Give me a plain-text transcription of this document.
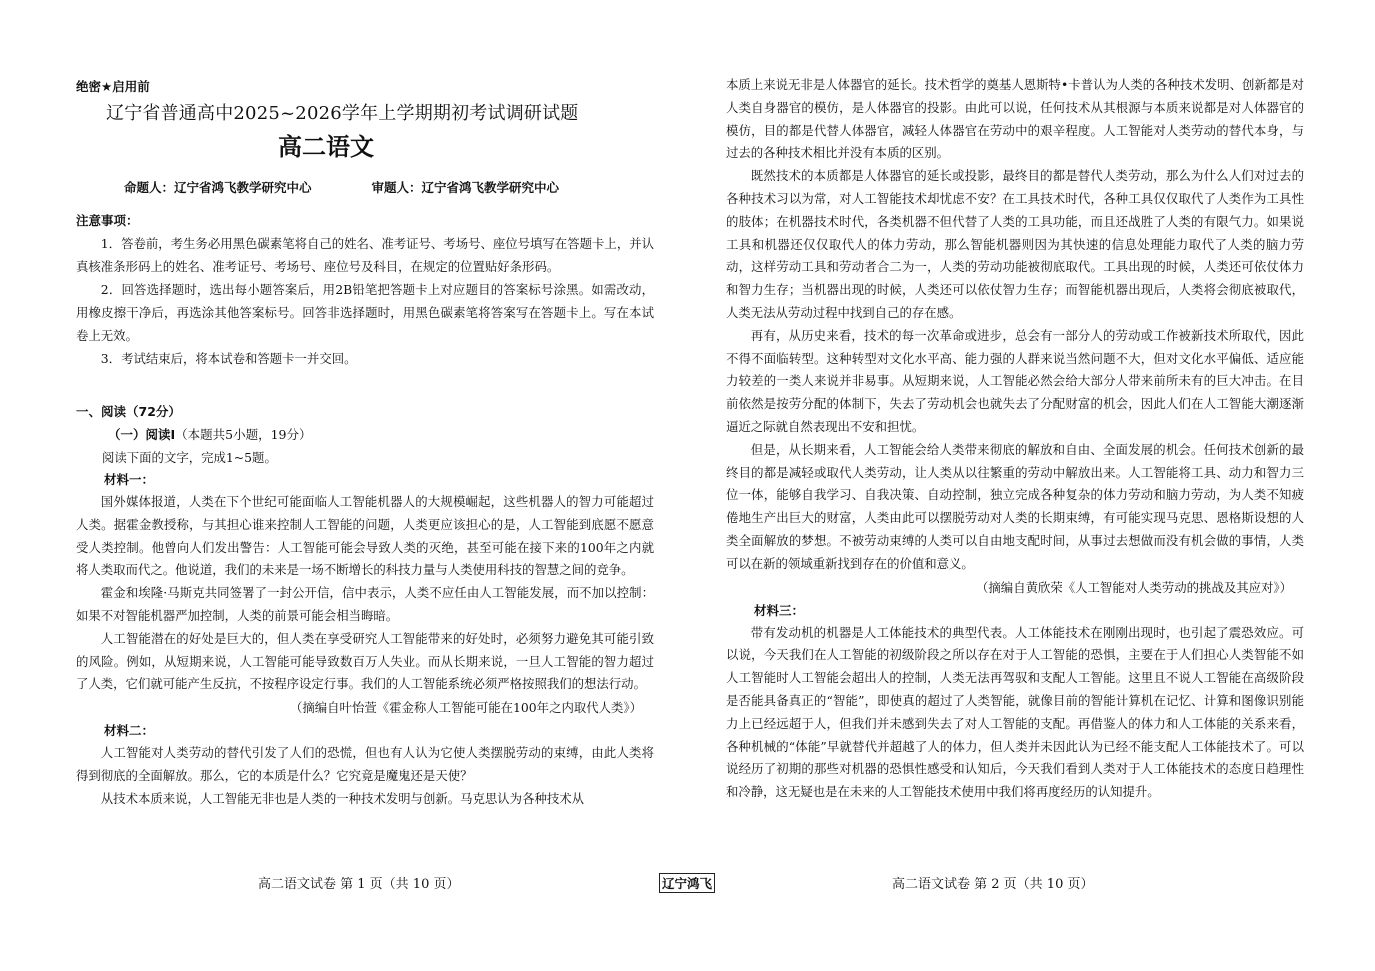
绝密★启用前
辽宁省普通高中2025~2026学年上学期期初考试调研试题
高二语文
命题人：辽宁省鸿飞教学研究中心	审题人：辽宁省鸿飞教学研究中心
注意事项：

1．答卷前，考生务必用黑色碳素笔将自己的姓名、准考证号、考场号、座位号填写在答题卡上，并认真核准条形码上的姓名、准考证号、考场号、座位号及科目，在规定的位置贴好条形码。

2．回答选择题时，选出每小题答案后，用2B铅笔把答题卡上对应题目的答案标号涂黑。如需改动，用橡皮擦干净后，再选涂其他答案标号。回答非选择题时，用黑色碳素笔将答案写在答题卡上。写在本试卷上无效。

3．考试结束后，将本试卷和答题卡一并交回。

一、阅读（72分）
（一）阅读Ⅰ（本题共5小题，19分）
阅读下面的文字，完成1~5题。
材料一：

国外媒体报道，人类在下个世纪可能面临人工智能机器人的大规模崛起，这些机器人的智力可能超过人类。据霍金教授称，与其担心谁来控制人工智能的问题，人类更应该担心的是，人工智能到底愿不愿意受人类控制。他曾向人们发出警告：人工智能可能会导致人类的灭绝，甚至可能在接下来的100年之内就将人类取而代之。他说道，我们的未来是一场不断增长的科技力量与人类使用科技的智慧之间的竞争。

霍金和埃隆·马斯克共同签署了一封公开信，信中表示，人类不应任由人工智能发展，而不加以控制：如果不对智能机器严加控制，人类的前景可能会相当晦暗。

人工智能潜在的好处是巨大的，但人类在享受研究人工智能带来的好处时，必须努力避免其可能引致的风险。例如，从短期来说，人工智能可能导致数百万人失业。而从长期来说，一旦人工智能的智力超过了人类，它们就可能产生反抗，不按程序设定行事。我们的人工智能系统必须严格按照我们的想法行动。

（摘编自叶怡萱《霍金称人工智能可能在100年之内取代人类》）

材料二：

人工智能对人类劳动的替代引发了人们的恐慌，但也有人认为它使人类摆脱劳动的束缚，由此人类将得到彻底的全面解放。那么，它的本质是什么？它究竟是魔鬼还是天使？

从技术本质来说，人工智能无非也是人类的一种技术发明与创新。马克思认为各种技术从

本质上来说无非是人体器官的延长。技术哲学的奠基人恩斯特•卡普认为人类的各种技术发明、创新都是对人类自身器官的模仿，是人体器官的投影。由此可以说，任何技术从其根源与本质来说都是对人体器官的模仿，目的都是代替人体器官，减轻人体器官在劳动中的艰辛程度。人工智能对人类劳动的替代本身，与过去的各种技术相比并没有本质的区别。

既然技术的本质都是人体器官的延长或投影，最终目的都是替代人类劳动，那么为什么人们对过去的各种技术习以为常，对人工智能技术却忧虑不安？在工具技术时代，各种工具仅仅取代了人类作为工具性的肢体；在机器技术时代，各类机器不但代替了人类的工具功能，而且还战胜了人类的有限气力。如果说工具和机器还仅仅取代人的体力劳动，那么智能机器则因为其快速的信息处理能力取代了人类的脑力劳动，这样劳动工具和劳动者合二为一，人类的劳动功能被彻底取代。工具出现的时候，人类还可依仗体力和智力生存；当机器出现的时候，人类还可以依仗智力生存；而智能机器出现后，人类将会彻底被取代，人类无法从劳动过程中找到自己的存在感。

再有，从历史来看，技术的每一次革命或进步，总会有一部分人的劳动或工作被新技术所取代，因此不得不面临转型。这种转型对文化水平高、能力强的人群来说当然问题不大，但对文化水平偏低、适应能力较差的一类人来说并非易事。从短期来说，人工智能必然会给大部分人带来前所未有的巨大冲击。在目前依然是按劳分配的体制下，失去了劳动机会也就失去了分配财富的机会，因此人们在人工智能大潮逐渐逼近之际就自然表现出不安和担忧。

但是，从长期来看，人工智能会给人类带来彻底的解放和自由、全面发展的机会。任何技术创新的最终目的都是减轻或取代人类劳动，让人类从以往繁重的劳动中解放出来。人工智能将工具、动力和智力三位一体，能够自我学习、自我决策、自动控制，独立完成各种复杂的体力劳动和脑力劳动，为人类不知疲倦地生产出巨大的财富，人类由此可以摆脱劳动对人类的长期束缚，有可能实现马克思、恩格斯设想的人类全面解放的梦想。不被劳动束缚的人类可以自由地支配时间，从事过去想做而没有机会做的事情，人类可以在新的领域重新找到存在的价值和意义。

（摘编自黄欣荣《人工智能对人类劳动的挑战及其应对》）

材料三：

带有发动机的机器是人工体能技术的典型代表。人工体能技术在刚刚出现时，也引起了震恐效应。可以说，今天我们在人工智能的初级阶段之所以存在对于人工智能的恐惧，主要在于人们担心人类智能不如人工智能时人工智能会超出人的控制，人类无法再驾驭和支配人工智能。这里且不说人工智能在高级阶段是否能具备真正的“智能”，即使真的超过了人类智能，就像目前的智能计算机在记忆、计算和图像识别能力上已经远超于人，但我们并未感到失去了对人工智能的支配。再借鉴人的体力和人工体能的关系来看，各种机械的“体能”早就替代并超越了人的体力，但人类并未因此认为已经不能支配人工体能技术了。可以说经历了初期的那些对机器的恐惧性感受和认知后，今天我们看到人类对于人工体能技术的态度日趋理性和冷静，这无疑也是在未来的人工智能技术使用中我们将再度经历的认知提升。

高二语文试卷 第 1 页（共 10 页）	辽宁鸿飞	高二语文试卷 第 2 页（共 10 页）
